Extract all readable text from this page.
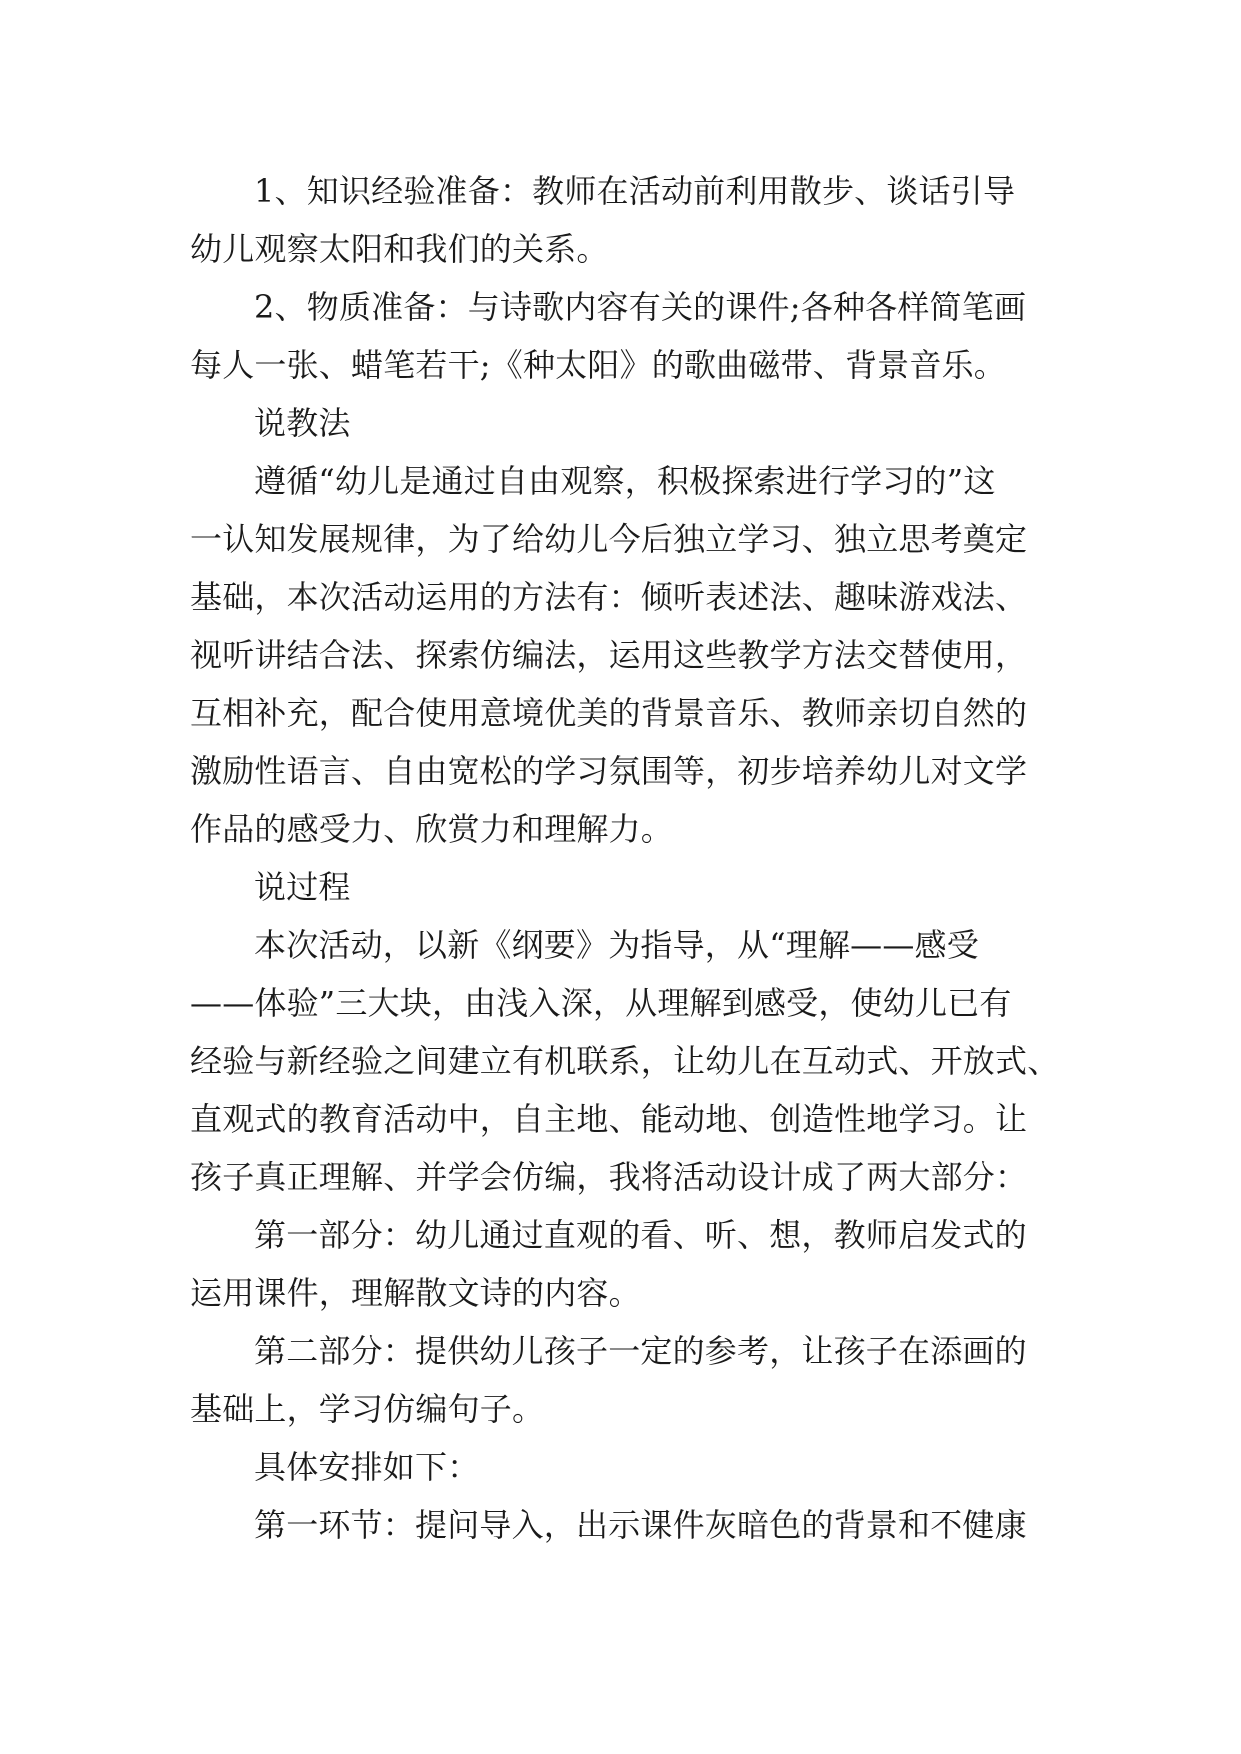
1、知识经验准备：教师在活动前利用散步、谈话引导
幼儿观察太阳和我们的关系。
2、物质准备：与诗歌内容有关的课件;各种各样简笔画
每人一张、蜡笔若干;《种太阳》的歌曲磁带、背景音乐。
说教法
遵循“幼儿是通过自由观察，积极探索进行学习的”这
一认知发展规律，为了给幼儿今后独立学习、独立思考奠定
基础，本次活动运用的方法有：倾听表述法、趣味游戏法、
视听讲结合法、探索仿编法，运用这些教学方法交替使用，
互相补充，配合使用意境优美的背景音乐、教师亲切自然的
激励性语言、自由宽松的学习氛围等，初步培养幼儿对文学
作品的感受力、欣赏力和理解力。
说过程
本次活动，以新《纲要》为指导，从“理解——感受
——体验”三大块，由浅入深，从理解到感受，使幼儿已有
经验与新经验之间建立有机联系，让幼儿在互动式、开放式、
直观式的教育活动中，自主地、能动地、创造性地学习。让
孩子真正理解、并学会仿编，我将活动设计成了两大部分：
第一部分：幼儿通过直观的看、听、想，教师启发式的
运用课件，理解散文诗的内容。
第二部分：提供幼儿孩子一定的参考，让孩子在添画的
基础上，学习仿编句子。
具体安排如下：
第一环节：提问导入，出示课件灰暗色的背景和不健康
